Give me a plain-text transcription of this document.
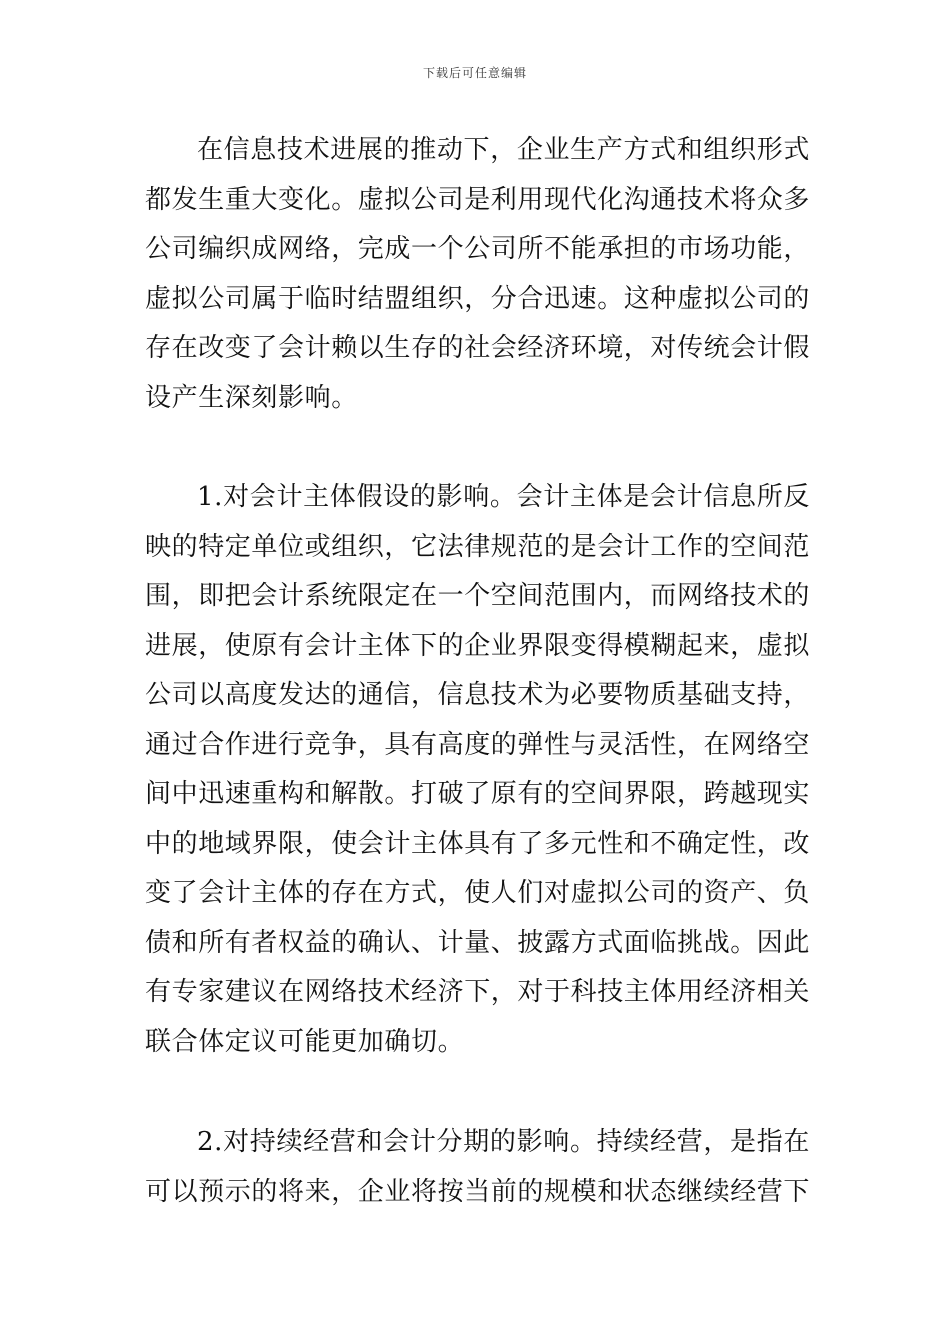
下载后可任意编辑

在信息技术进展的推动下，企业生产方式和组织形式都发生重大变化。虚拟公司是利用现代化沟通技术将众多公司编织成网络，完成一个公司所不能承担的市场功能，虚拟公司属于临时结盟组织，分合迅速。这种虚拟公司的存在改变了会计赖以生存的社会经济环境，对传统会计假设产生深刻影响。

1.对会计主体假设的影响。会计主体是会计信息所反映的特定单位或组织，它法律规范的是会计工作的空间范围，即把会计系统限定在一个空间范围内，而网络技术的进展，使原有会计主体下的企业界限变得模糊起来，虚拟公司以高度发达的通信，信息技术为必要物质基础支持，通过合作进行竞争，具有高度的弹性与灵活性，在网络空间中迅速重构和解散。打破了原有的空间界限，跨越现实中的地域界限，使会计主体具有了多元性和不确定性，改变了会计主体的存在方式，使人们对虚拟公司的资产、负债和所有者权益的确认、计量、披露方式面临挑战。因此有专家建议在网络技术经济下，对于科技主体用经济相关联合体定议可能更加确切。

2.对持续经营和会计分期的影响。持续经营，是指在可以预示的将来，企业将按当前的规模和状态继续经营下
